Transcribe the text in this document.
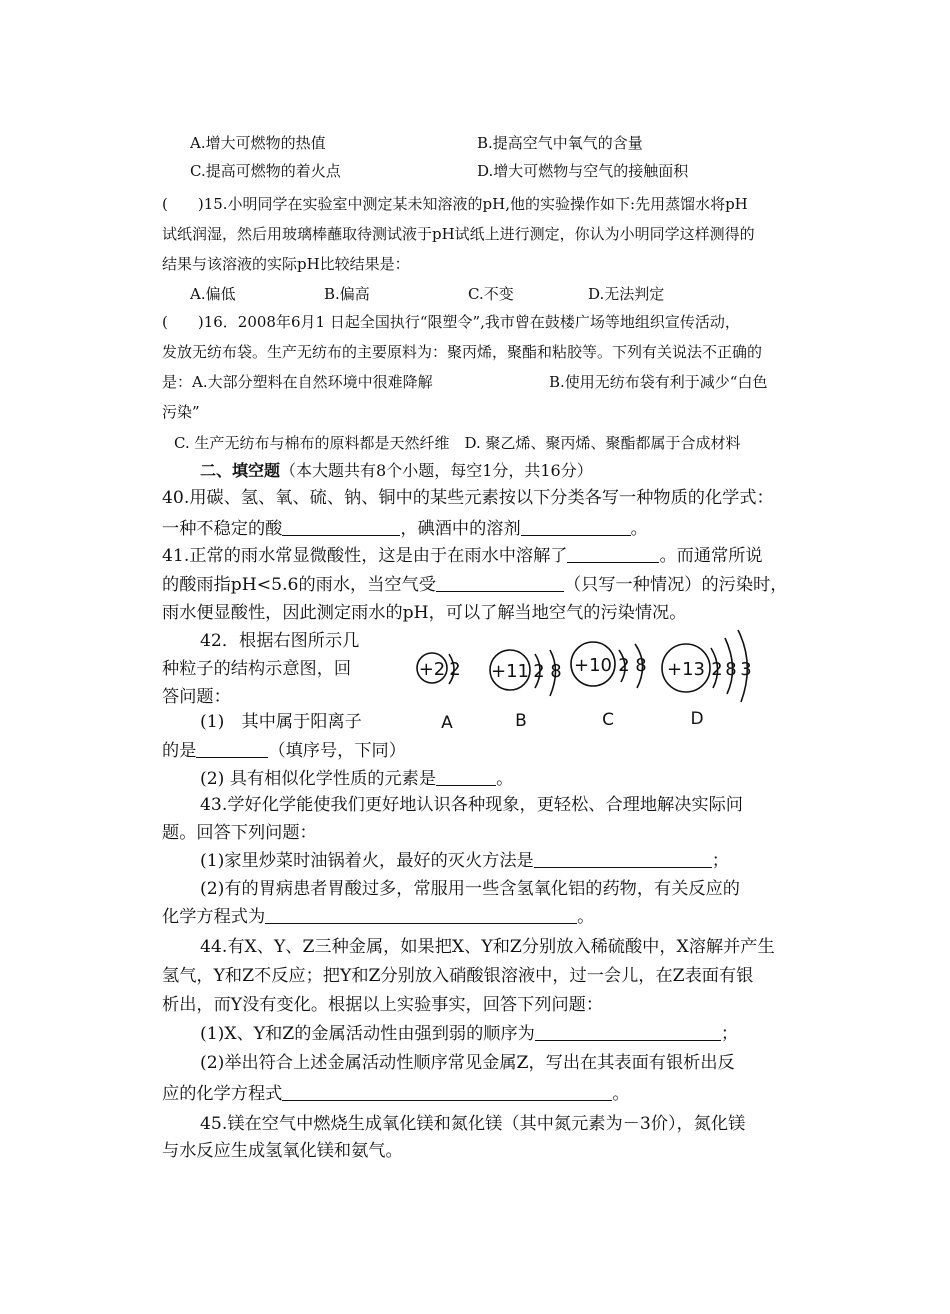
A.增大可燃物的热值	B.提高空气中氧气的含量
C.提高可燃物的着火点	D.增大可燃物与空气的接触面积
(　　)15.小明同学在实验室中测定某未知溶液的pH,他的实验操作如下:先用蒸馏水将pH
试纸润湿，然后用玻璃棒蘸取待测试液于pH试纸上进行测定，你认为小明同学这样测得的
结果与该溶液的实际pH比较结果是：
A.偏低	B.偏高	C.不变	D.无法判定
(　　)16．2008年6月1 日起全国执行“限塑令”,我市曾在鼓楼广场等地组织宣传活动，
发放无纺布袋。生产无纺布的主要原料为：聚丙烯，聚酯和粘胶等。下列有关说法不正确的
是：A.大部分塑料在自然环境中很难降解	B.使用无纺布袋有利于减少“白色
污染”
C. 生产无纺布与棉布的原料都是天然纤维　D. 聚乙烯、聚丙烯、聚酯都属于合成材料
二、填空题（本大题共有8个小题，每空1分，共16分）
40.用碳、氢、氧、硫、钠、铜中的某些元素按以下分类各写一种物质的化学式：
一种不稳定的酸	，碘酒中的溶剂	。
41.正常的雨水常显微酸性，这是由于在雨水中溶解了	。而通常所说
的酸雨指pH<5.6的雨水，当空气受	（只写一种情况）的污染时，
雨水便显酸性，因此测定雨水的pH，可以了解当地空气的污染情况。
42．根据右图所示几
种粒子的结构示意图，回
答问题：
(1)　其中属于阳离子
的是	（填序号，下同）
(2) 具有相似化学性质的元素是	。
+2 2 +11 2 8 +10 2 8 +13 2 8 3
A	B	C	D
43.学好化学能使我们更好地认识各种现象，更轻松、合理地解决实际问
题。回答下列问题：
(1)家里炒菜时油锅着火，最好的灭火方法是	；
(2)有的胃病患者胃酸过多，常服用一些含氢氧化铝的药物，有关反应的
化学方程式为	。
44.有X、Y、Z三种金属，如果把X、Y和Z分别放入稀硫酸中，X溶解并产生
氢气，Y和Z不反应；把Y和Z分别放入硝酸银溶液中，过一会儿，在Z表面有银
析出，而Y没有变化。根据以上实验事实，回答下列问题：
(1)X、Y和Z的金属活动性由强到弱的顺序为	；
(2)举出符合上述金属活动性顺序常见金属Z，写出在其表面有银析出反
应的化学方程式	。
45.镁在空气中燃烧生成氧化镁和氮化镁（其中氮元素为－3价），氮化镁
与水反应生成氢氧化镁和氨气。
